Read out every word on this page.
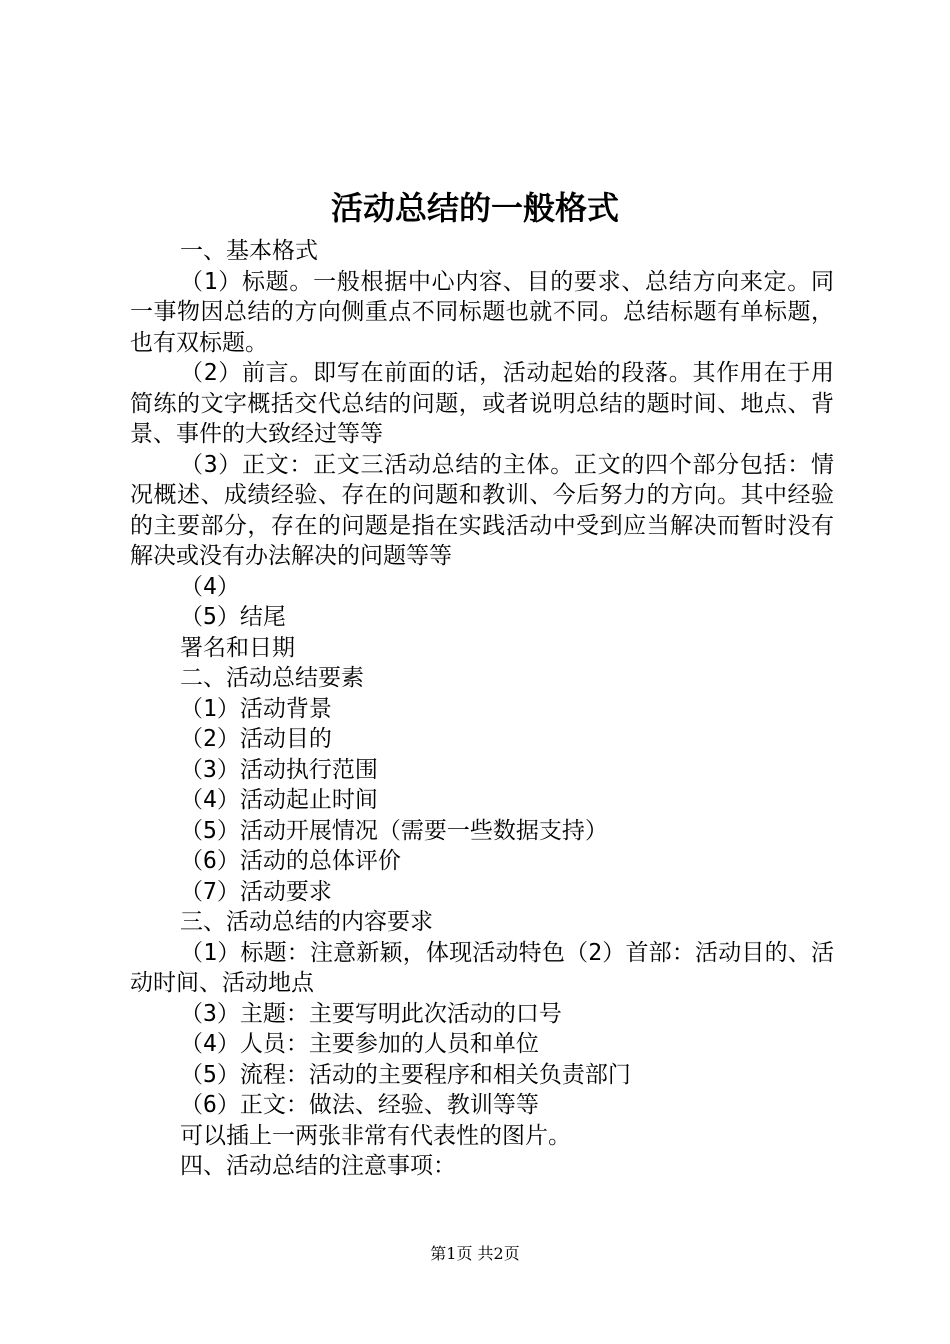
活动总结的一般格式

一、基本格式

（1）标题。一般根据中心内容、目的要求、总结方向来定。同一事物因总结的方向侧重点不同标题也就不同。总结标题有单标题，也有双标题。

（2）前言。即写在前面的话，活动起始的段落。其作用在于用简练的文字概括交代总结的问题，或者说明总结的题时间、地点、背景、事件的大致经过等等

（3）正文：正文三活动总结的主体。正文的四个部分包括：情况概述、成绩经验、存在的问题和教训、今后努力的方向。其中经验的主要部分，存在的问题是指在实践活动中受到应当解决而暂时没有解决或没有办法解决的问题等等

（4）

（5）结尾

署名和日期

二、活动总结要素

（1）活动背景

（2）活动目的

（3）活动执行范围

（4）活动起止时间

（5）活动开展情况（需要一些数据支持）

（6）活动的总体评价

（7）活动要求

三、活动总结的内容要求

（1）标题：注意新颖，体现活动特色（2）首部：活动目的、活动时间、活动地点

（3）主题：主要写明此次活动的口号

（4）人员：主要参加的人员和单位

（5）流程：活动的主要程序和相关负责部门

（6）正文：做法、经验、教训等等

可以插上一两张非常有代表性的图片。

四、活动总结的注意事项：

第1页 共2页
